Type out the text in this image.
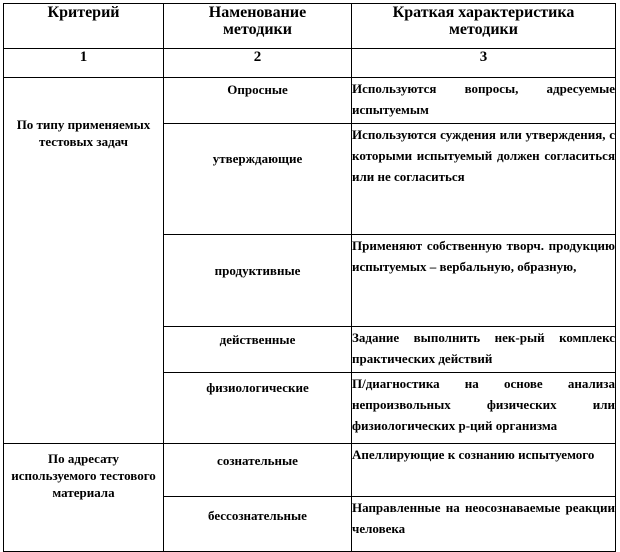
Критерий	Наменование методики	Краткая характеристика методики
1	2	3
По типу применяемых тестовых задач	Опросные	Используются вопросы, адресуемые испытуемым

	утверждающие	Используются суждения или утверждения, с которыми испытуемый должен согласиться или не согласиться

	продуктивные	Применяют собственную творч. продукцию испытуемых – вербальную, образную,

	действенные	Задание выполнить нек-рый комплекс практических действий

	физиологические	П/диагностика на основе анализа непроизвольных физических или физиологических р-ций организма

По адресату используемого тестового материала	сознательные	Апеллирующие к сознанию испытуемого

	бессознательные	Направленные на неосознаваемые реакции человека
